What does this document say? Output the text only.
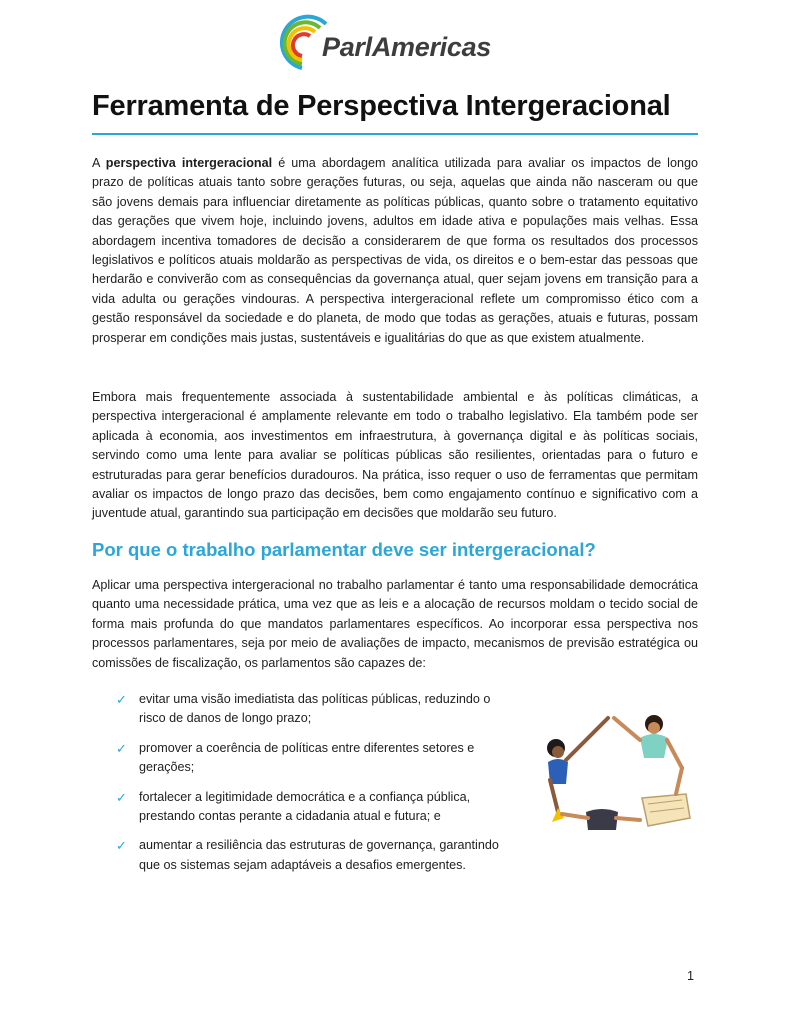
ParlAmericas
Ferramenta de Perspectiva Intergeracional

A perspectiva intergeracional é uma abordagem analítica utilizada para avaliar os impactos de longo prazo de políticas atuais tanto sobre gerações futuras, ou seja, aquelas que ainda não nasceram ou que são jovens demais para influenciar diretamente as políticas públicas, quanto sobre o tratamento equitativo das gerações que vivem hoje, incluindo jovens, adultos em idade ativa e populações mais velhas. Essa abordagem incentiva tomadores de decisão a considerarem de que forma os resultados dos processos legislativos e políticos atuais moldarão as perspectivas de vida, os direitos e o bem-estar das pessoas que herdarão e conviverão com as consequências da governança atual, quer sejam jovens em transição para a vida adulta ou gerações vindouras. A perspectiva intergeracional reflete um compromisso ético com a gestão responsável da sociedade e do planeta, de modo que todas as gerações, atuais e futuras, possam prosperar em condições mais justas, sustentáveis e igualitárias do que as que existem atualmente.

Embora mais frequentemente associada à sustentabilidade ambiental e às políticas climáticas, a perspectiva intergeracional é amplamente relevante em todo o trabalho legislativo. Ela também pode ser aplicada à economia, aos investimentos em infraestrutura, à governança digital e às políticas sociais, servindo como uma lente para avaliar se políticas públicas são resilientes, orientadas para o futuro e estruturadas para gerar benefícios duradouros. Na prática, isso requer o uso de ferramentas que permitam avaliar os impactos de longo prazo das decisões, bem como engajamento contínuo e significativo com a juventude atual, garantindo sua participação em decisões que moldarão seu futuro.

Por que o trabalho parlamentar deve ser intergeracional?

Aplicar uma perspectiva intergeracional no trabalho parlamentar é tanto uma responsabilidade democrática quanto uma necessidade prática, uma vez que as leis e a alocação de recursos moldam o tecido social de forma mais profunda do que mandatos parlamentares específicos. Ao incorporar essa perspectiva nos processos parlamentares, seja por meio de avaliações de impacto, mecanismos de previsão estratégica ou comissões de fiscalização, os parlamentos são capazes de:

✓ evitar uma visão imediatista das políticas públicas, reduzindo o risco de danos de longo prazo;
✓ promover a coerência de políticas entre diferentes setores e gerações;
✓ fortalecer a legitimidade democrática e a confiança pública, prestando contas perante a cidadania atual e futura; e
✓ aumentar a resiliência das estruturas de governança, garantindo que os sistemas sejam adaptáveis a desafios emergentes.
1
